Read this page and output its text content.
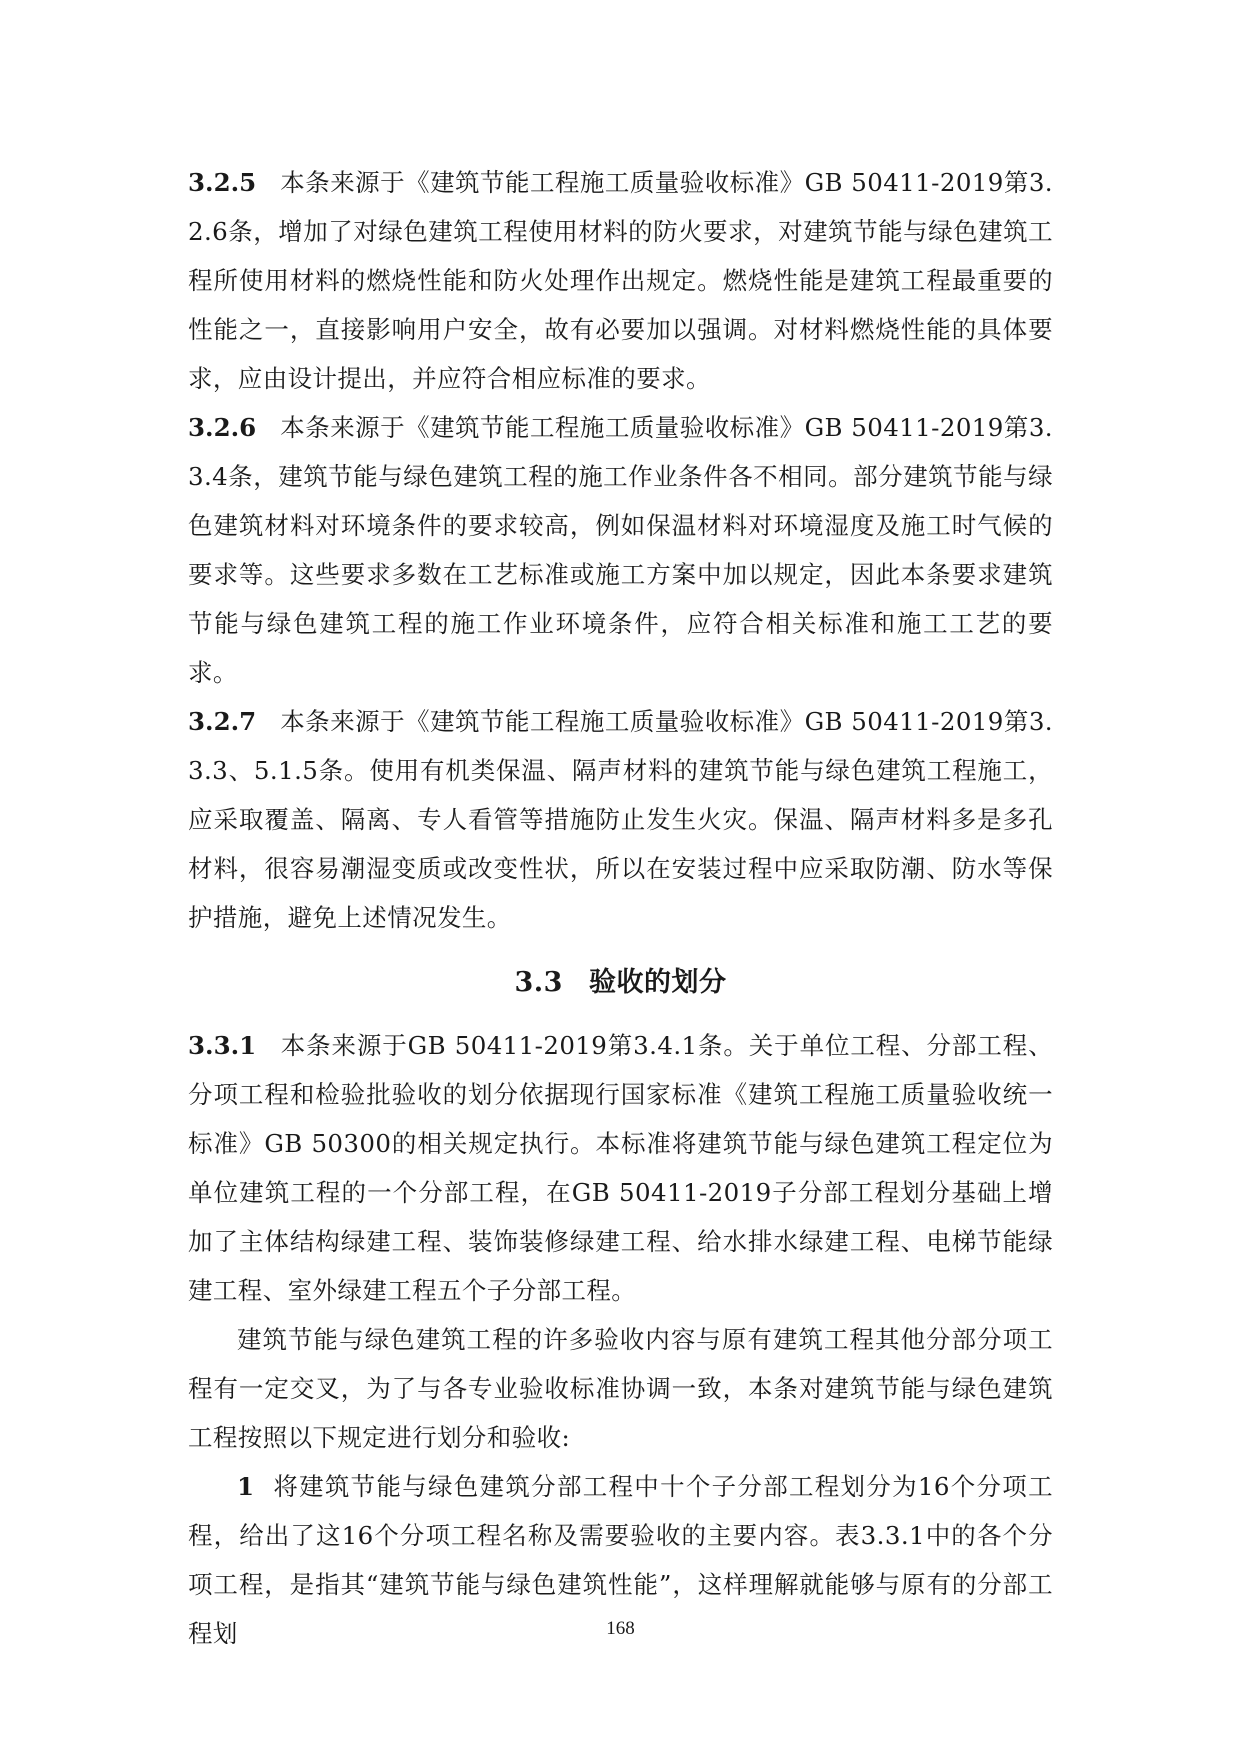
3.2.5 本条来源于《建筑节能工程施工质量验收标准》GB 50411-2019第3.2.6条，增加了对绿色建筑工程使用材料的防火要求，对建筑节能与绿色建筑工程所使用材料的燃烧性能和防火处理作出规定。燃烧性能是建筑工程最重要的性能之一，直接影响用户安全，故有必要加以强调。对材料燃烧性能的具体要求，应由设计提出，并应符合相应标准的要求。

3.2.6 本条来源于《建筑节能工程施工质量验收标准》GB 50411-2019第3.3.4条，建筑节能与绿色建筑工程的施工作业条件各不相同。部分建筑节能与绿色建筑材料对环境条件的要求较高，例如保温材料对环境湿度及施工时气候的要求等。这些要求多数在工艺标准或施工方案中加以规定，因此本条要求建筑节能与绿色建筑工程的施工作业环境条件，应符合相关标准和施工工艺的要求。

3.2.7 本条来源于《建筑节能工程施工质量验收标准》GB 50411-2019第3.3.3、5.1.5条。使用有机类保温、隔声材料的建筑节能与绿色建筑工程施工，应采取覆盖、隔离、专人看管等措施防止发生火灾。保温、隔声材料多是多孔材料，很容易潮湿变质或改变性状，所以在安装过程中应采取防潮、防水等保护措施，避免上述情况发生。

3.3 验收的划分

3.3.1 本条来源于GB 50411-2019第3.4.1条。关于单位工程、分部工程、分项工程和检验批验收的划分依据现行国家标准《建筑工程施工质量验收统一标准》GB 50300的相关规定执行。本标准将建筑节能与绿色建筑工程定位为单位建筑工程的一个分部工程，在GB 50411-2019子分部工程划分基础上增加了主体结构绿建工程、装饰装修绿建工程、给水排水绿建工程、电梯节能绿建工程、室外绿建工程五个子分部工程。

建筑节能与绿色建筑工程的许多验收内容与原有建筑工程其他分部分项工程有一定交叉，为了与各专业验收标准协调一致，本条对建筑节能与绿色建筑工程按照以下规定进行划分和验收:

1 将建筑节能与绿色建筑分部工程中十个子分部工程划分为16个分项工程，给出了这16个分项工程名称及需要验收的主要内容。表3.3.1中的各个分项工程，是指其“建筑节能与绿色建筑性能”，这样理解就能够与原有的分部工程划	168
